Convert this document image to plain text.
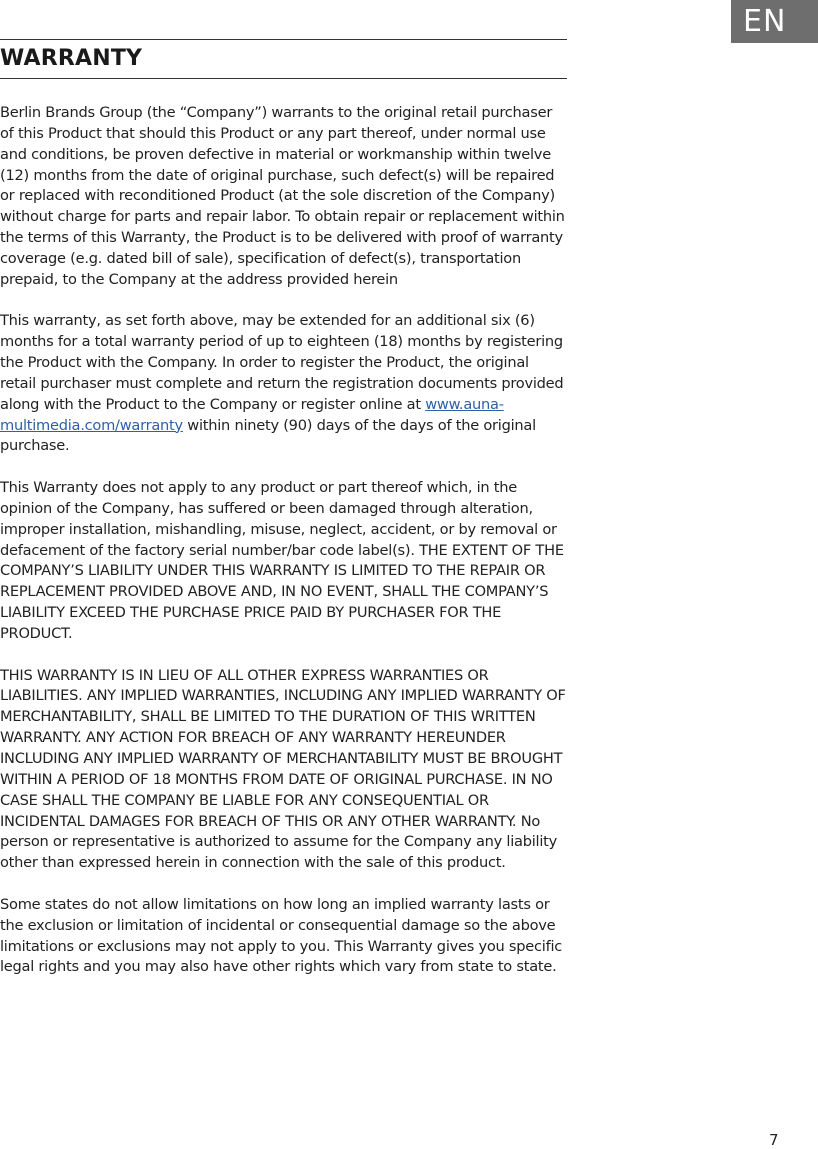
EN
WARRANTY

Berlin Brands Group (the “Company”) warrants to the original retail purchaser of this Product that should this Product or any part thereof, under normal use and conditions, be proven defective in material or workmanship within twelve (12) months from the date of original purchase, such defect(s) will be repaired or replaced with reconditioned Product (at the sole discretion of the Company) without charge for parts and repair labor. To obtain repair or replacement within the terms of this Warranty, the Product is to be delivered with proof of warranty coverage (e.g. dated bill of sale), specification of defect(s), transportation prepaid, to the Company at the address provided herein

This warranty, as set forth above, may be extended for an additional six (6) months for a total warranty period of up to eighteen (18) months by registering the Product with the Company. In order to register the Product, the original retail purchaser must complete and return the registration documents provided along with the Product to the Company or register online at www.auna-multimedia.com/warranty within ninety (90) days of the days of the original purchase.

This Warranty does not apply to any product or part thereof which, in the opinion of the Company, has suffered or been damaged through alteration, improper installation, mishandling, misuse, neglect, accident, or by removal or defacement of the factory serial number/bar code label(s). THE EXTENT OF THE COMPANY’S LIABILITY UNDER THIS WARRANTY IS LIMITED TO THE REPAIR OR REPLACEMENT PROVIDED ABOVE AND, IN NO EVENT, SHALL THE COMPANY’S LIABILITY EXCEED THE PURCHASE PRICE PAID BY PURCHASER FOR THE PRODUCT.

THIS WARRANTY IS IN LIEU OF ALL OTHER EXPRESS WARRANTIES OR LIABILITIES. ANY IMPLIED WARRANTIES, INCLUDING ANY IMPLIED WARRANTY OF MERCHANTABILITY, SHALL BE LIMITED TO THE DURATION OF THIS WRITTEN WARRANTY. ANY ACTION FOR BREACH OF ANY WARRANTY HEREUNDER INCLUDING ANY IMPLIED WARRANTY OF MERCHANTABILITY MUST BE BROUGHT WITHIN A PERIOD OF 18 MONTHS FROM DATE OF ORIGINAL PURCHASE. IN NO CASE SHALL THE COMPANY BE LIABLE FOR ANY CONSEQUENTIAL OR INCIDENTAL DAMAGES FOR BREACH OF THIS OR ANY OTHER WARRANTY. No person or representative is authorized to assume for the Company any liability other than expressed herein in connection with the sale of this product.

Some states do not allow limitations on how long an implied warranty lasts or the exclusion or limitation of incidental or consequential damage so the above limitations or exclusions may not apply to you. This Warranty gives you specific legal rights and you may also have other rights which vary from state to state.

7
